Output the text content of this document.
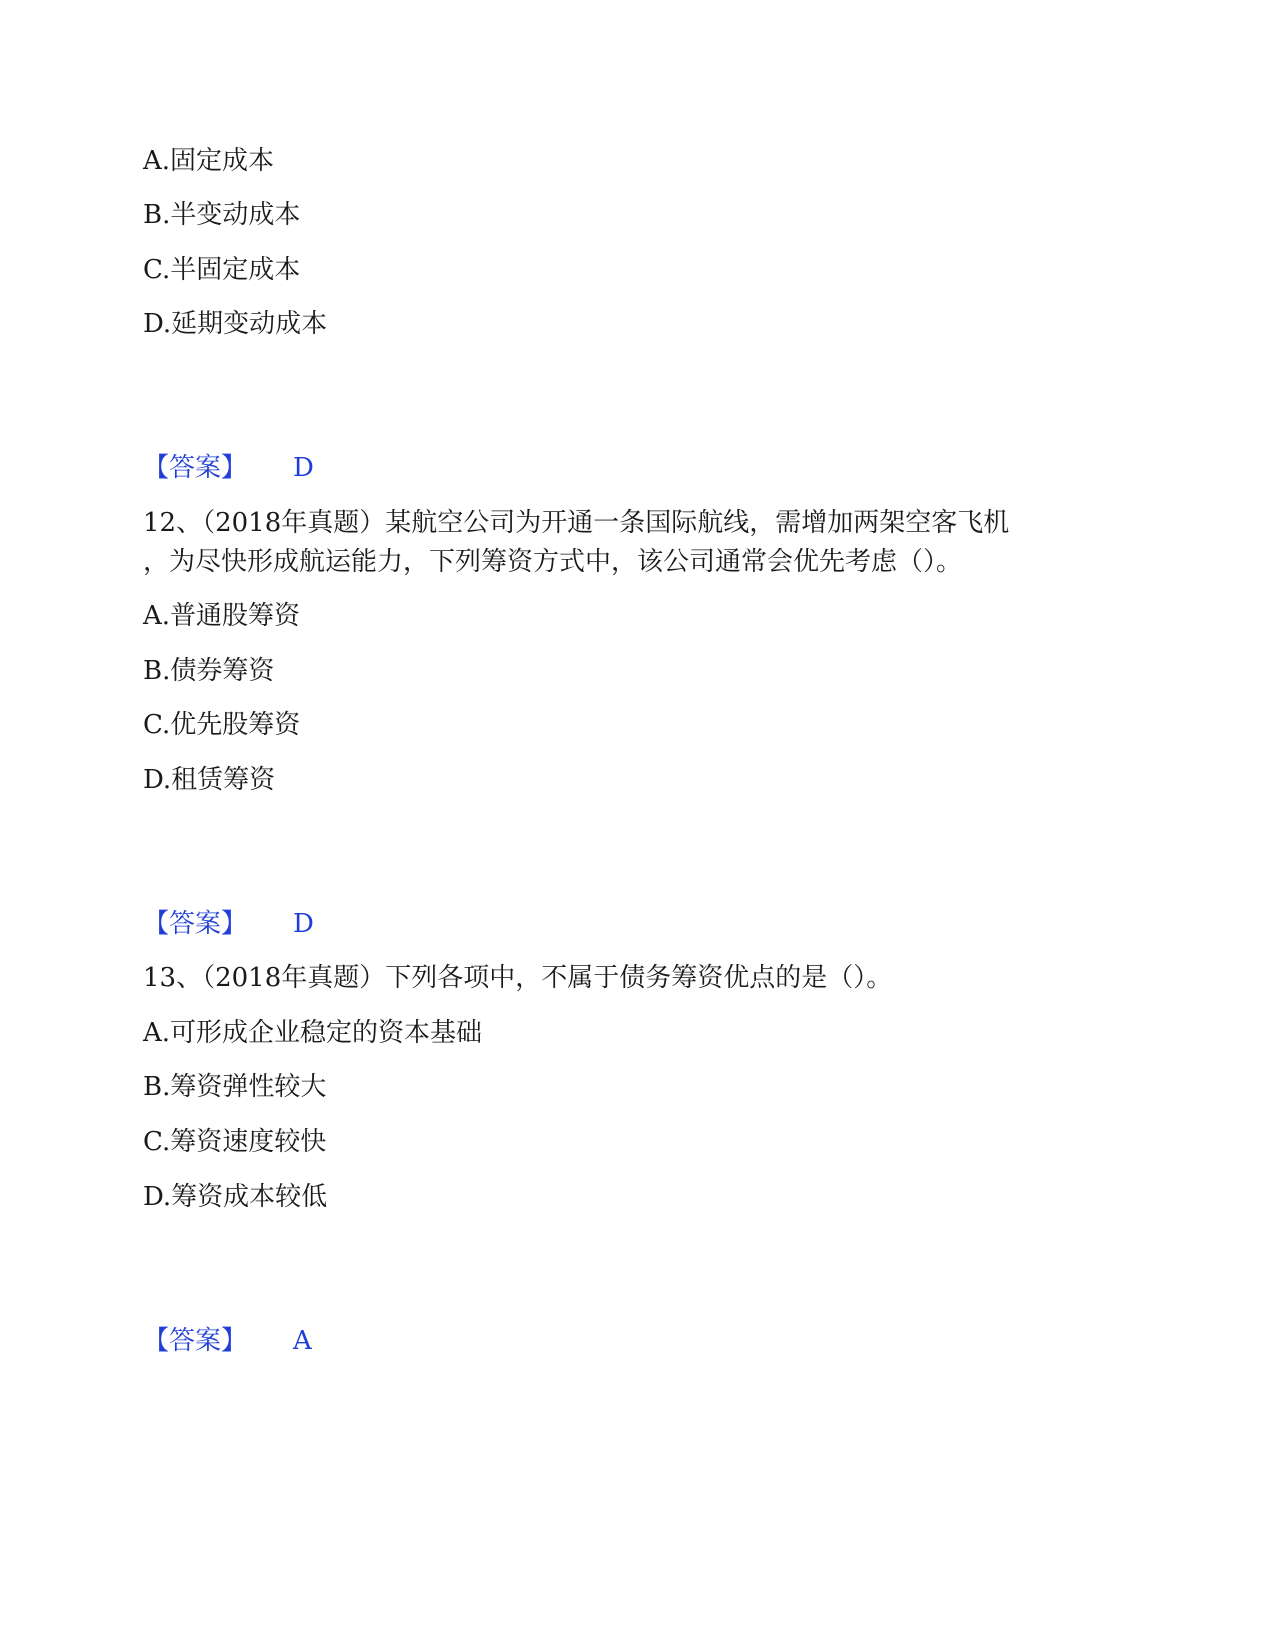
A.固定成本
B.半变动成本
C.半固定成本
D.延期变动成本
【答案】 D
12、（2018年真题）某航空公司为开通一条国际航线，需增加两架空客飞机
，为尽快形成航运能力，下列筹资方式中，该公司通常会优先考虑（）。
A.普通股筹资
B.债券筹资
C.优先股筹资
D.租赁筹资
【答案】 D
13、（2018年真题）下列各项中，不属于债务筹资优点的是（）。
A.可形成企业稳定的资本基础
B.筹资弹性较大
C.筹资速度较快
D.筹资成本较低
【答案】 A
